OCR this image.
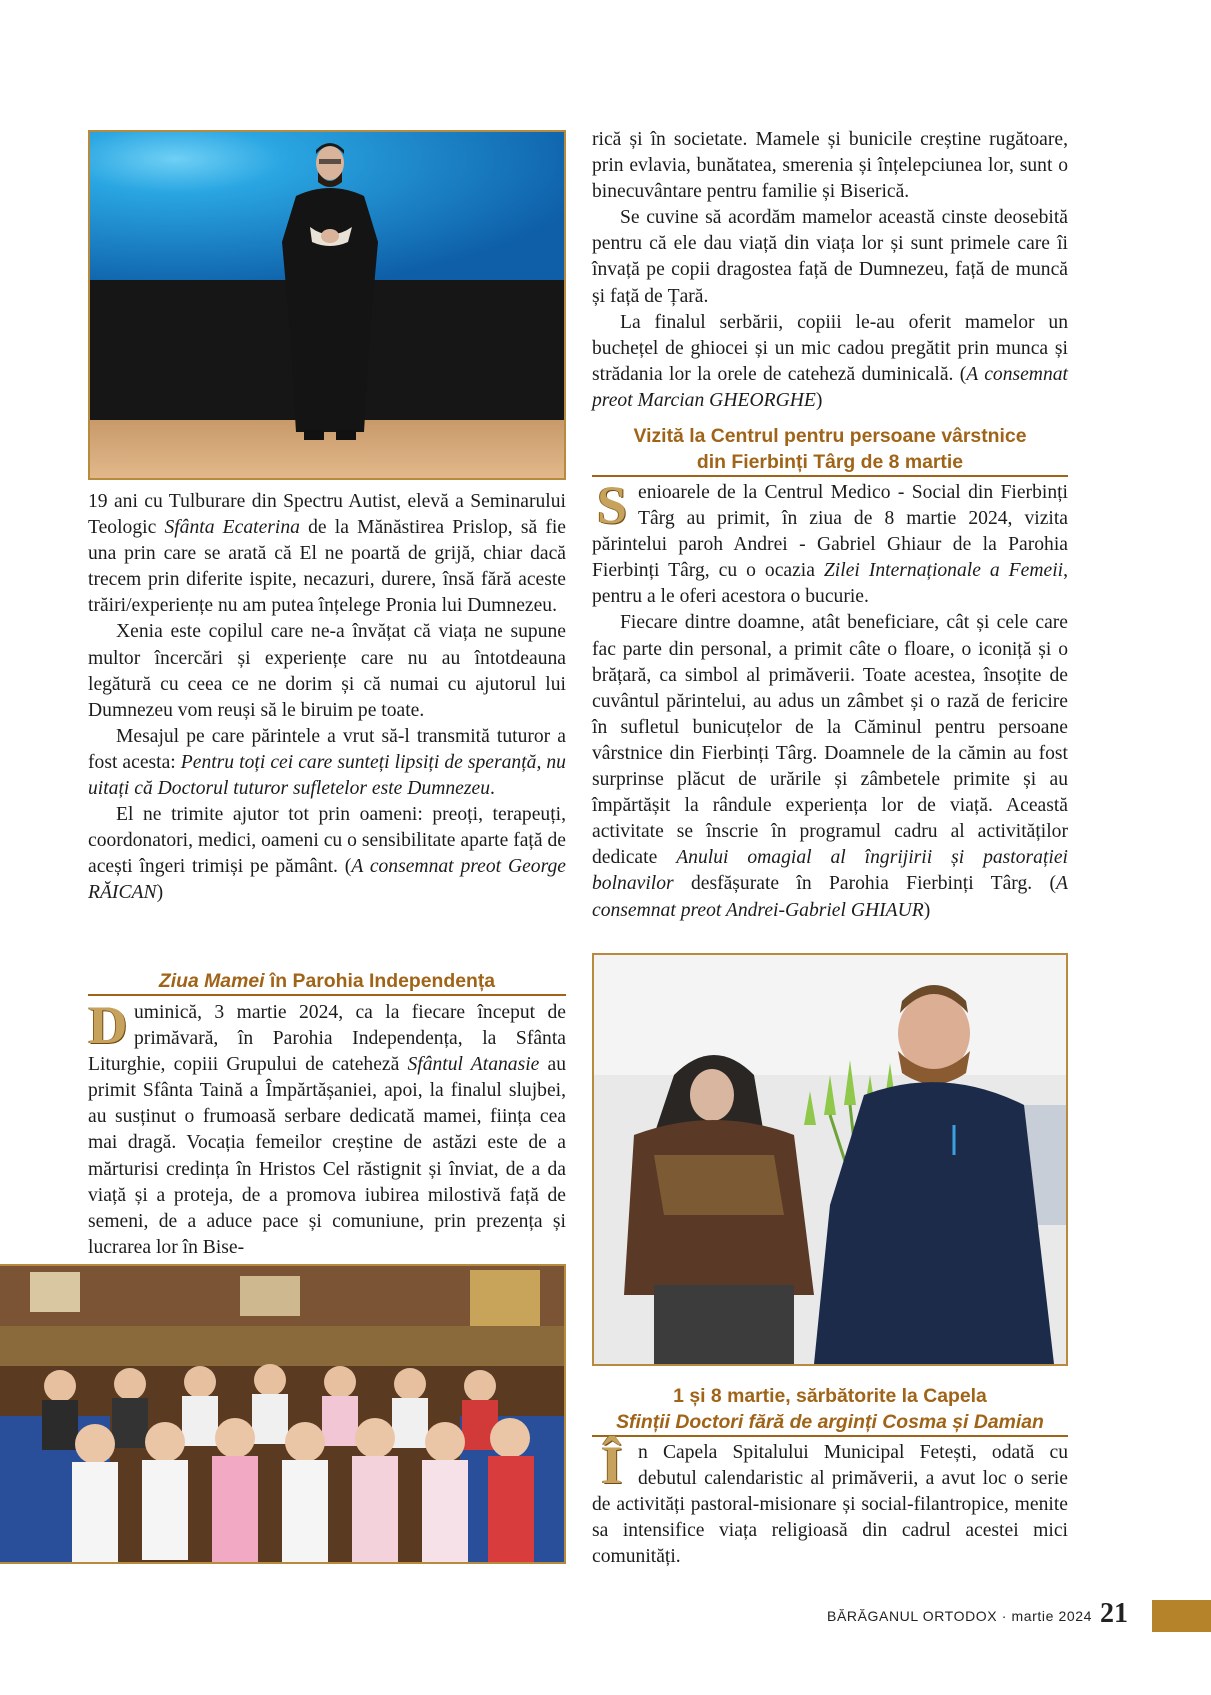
19 ani cu Tulburare din Spectru Autist, elevă a Seminarului Teologic Sfânta Ecaterina de la Mănăstirea Prislop, să fie una prin care se arată că El ne poartă de grijă, chiar dacă trecem prin diferite ispite, necazuri, durere, însă fără aceste trăiri/experiențe nu am putea înțelege Pronia lui Dumnezeu.

Xenia este copilul care ne-a învățat că viața ne supune multor încercări și experiențe care nu au întotdeauna legătură cu ceea ce ne dorim și că numai cu ajutorul lui Dumnezeu vom reuși să le biruim pe toate.

Mesajul pe care părintele a vrut să-l transmită tuturor a fost acesta: Pentru toți cei care sunteți lipsiți de speranță, nu uitați că Doctorul tuturor sufletelor este Dumnezeu.

El ne trimite ajutor tot prin oameni: preoți, terapeuți, coordonatori, medici, oameni cu o sensibilitate aparte față de acești îngeri trimiși pe pământ. (A consemnat preot George RĂICAN)

Ziua Mamei în Parohia Independența

Duminică, 3 martie 2024, ca la fiecare început de primăvară, în Parohia Independența, la Sfânta Liturghie, copiii Grupului de cateheză Sfântul Atanasie au primit Sfânta Taină a Împărtășaniei, apoi, la finalul slujbei, au susținut o frumoasă serbare dedicată mamei, ființa cea mai dragă. Vocația femeilor creștine de astăzi este de a mărturisi credința în Hristos Cel răstignit și înviat, de a da viață și a proteja, de a promova iubirea milostivă față de semeni, de a aduce pace și comuniune, prin prezența și lucrarea lor în Bise-

rică și în societate. Mamele și bunicile creștine rugătoare, prin evlavia, bunătatea, smerenia și înțelepciunea lor, sunt o binecuvântare pentru familie și Biserică.

Se cuvine să acordăm mamelor această cinste deosebită pentru că ele dau viață din viața lor și sunt primele care îi învață pe copii dragostea față de Dumnezeu, față de muncă și față de Țară.

La finalul serbării, copiii le-au oferit mamelor un buchețel de ghiocei și un mic cadou pregătit prin munca și strădania lor la orele de cateheză duminicală. (A consemnat preot Marcian GHEORGHE)

Vizită la Centrul pentru persoane vârstnice
din Fierbinți Târg de 8 martie

Senioarele de la Centrul Medico - Social din Fierbinți Târg au primit, în ziua de 8 martie 2024, vizita părintelui paroh Andrei - Gabriel Ghiaur de la Parohia Fierbinți Târg, cu o ocazia Zilei Internaționale a Femeii, pentru a le oferi acestora o bucurie.

Fiecare dintre doamne, atât beneficiare, cât și cele care fac parte din personal, a primit câte o floare, o iconiță și o brățară, ca simbol al primăverii. Toate acestea, însoțite de cuvântul părintelui, au adus un zâmbet și o rază de fericire în sufletul bunicuțelor de la Căminul pentru persoane vârstnice din Fierbinți Târg. Doamnele de la cămin au fost surprinse plăcut de urările și zâmbetele primite și au împărtășit la rândule experiența lor de viață. Această activitate se înscrie în programul cadru al activităților dedicate Anului omagial al îngrijirii și pastorației bolnavilor desfășurate în Parohia Fierbinți Târg. (A consemnat preot Andrei-Gabriel GHIAUR)

1 și 8 martie, sărbătorite la Capela
Sfinții Doctori fără de arginți Cosma și Damian

În Capela Spitalului Municipal Fetești, odată cu debutul calendaristic al primăverii, a avut loc o serie de activități pastoral-misionare și social-filantropice, menite sa intensifice viața religioasă din cadrul acestei mici comunități.

BĂRĂGANUL ORTODOX · martie 2024 21
